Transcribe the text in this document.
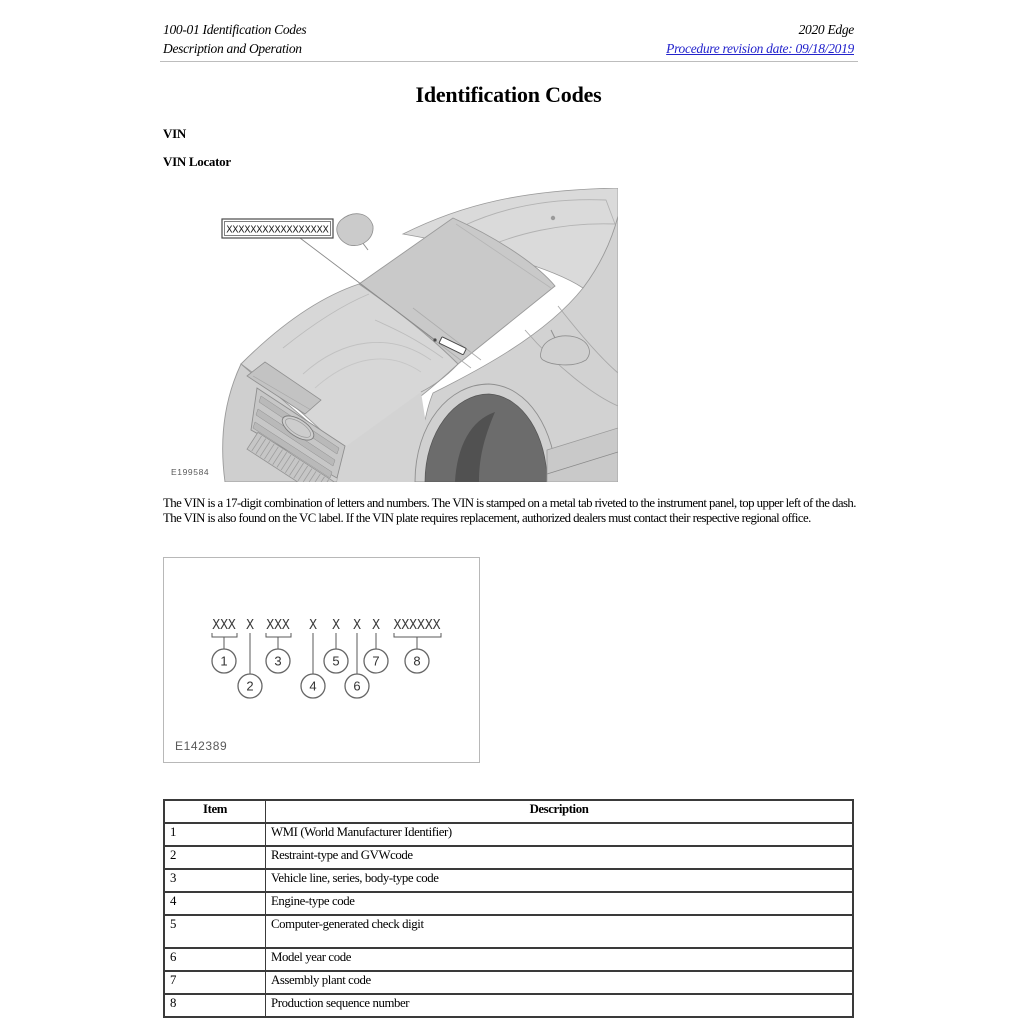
100-01 Identification Codes
Description and Operation
2020 Edge
Procedure revision date: 09/18/2019
Identification Codes
VIN
VIN Locator
XXXXXXXXXXXXXXXXX
E199584
The VIN is a 17-digit combination of letters and numbers. The VIN is stamped on a metal tab riveted to the instrument panel, top upper left of the dash. The VIN is also found on the VC label. If the VIN plate requires replacement, authorized dealers must contact their respective regional office.
XXX X XXX X X X X XXXXXX
1
2
3
4
5
6
7	8
E142389
Item	Description
1	WMI (World Manufacturer Identifier)
2	Restraint-type and GVWcode
3	Vehicle line, series, body-type code
4	Engine-type code
5	Computer-generated check digit
6	Model year code
7	Assembly plant code
8	Production sequence number
